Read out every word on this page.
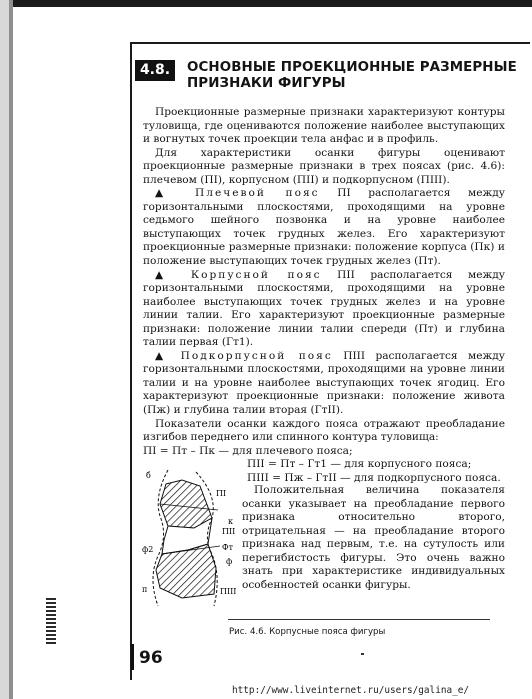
4.8.	ОСНОВНЫЕ ПРОЕКЦИОННЫЕ РАЗМЕРНЫЕ
ПРИЗНАКИ ФИГУРЫ

Проекционные размерные признаки характеризуют контуры туловища, где оцениваются положение наиболее выступающих и вогнутых точек проекции тела анфас и в профиль.

Для характеристики осанки фигуры оценивают проекционные размерные признаки в трех поясах (рис. 4.6): плечевом (ПI), корпусном (ПII) и подкорпусном (ПIII).

▲ Плечевой пояс ПI располагается между горизонтальными плоскостями, проходящими на уровне седьмого шейного позвонка и на уровне наиболее выступающих точек грудных желез. Его характеризуют проекционные размерные признаки: положение корпуса (Пк) и положение выступающих точек грудных желез (Пт).

▲ Корпусной пояс ПII располагается между горизонтальными плоскостями, проходящими на уровне наиболее выступающих точек грудных желез и на уровне линии талии. Его характеризуют проекционные размерные признаки: положение линии талии спереди (Пт) и глубина талии первая (Гт1).

▲ Подкорпусной пояс ПIII располагается между горизонтальными плоскостями, проходящими на уровне линии талии и на уровне наиболее выступающих точек ягодиц. Его характеризуют проекционные признаки: положение живота (Пж) и глубина талии вторая (ГтII).

Показатели осанки каждого пояса отражают преобладание изгибов переднего или спинного контура туловища:

ПI = Пт – Пк — для плечевого пояса;

ПII = Пт – Гт1 — для корпусного пояса;

ПIII = Пж – ГтII — для подкорпусного пояса.

Положительная величина показателя осанки указывает на преобладание первого признака относительно второго, отрицательная — на преобладание второго признака над первым, т.е. на сутулость или перегибистость фигуры. Это очень важно знать при характеристике индивидуальных особенностей осанки фигуры.

б
ПI
к
ПII
ф2	Фт
ф
п	ПIII
Рис. 4.6. Корпусные пояса фигуры
96
http://www.liveinternet.ru/users/galina_e/
